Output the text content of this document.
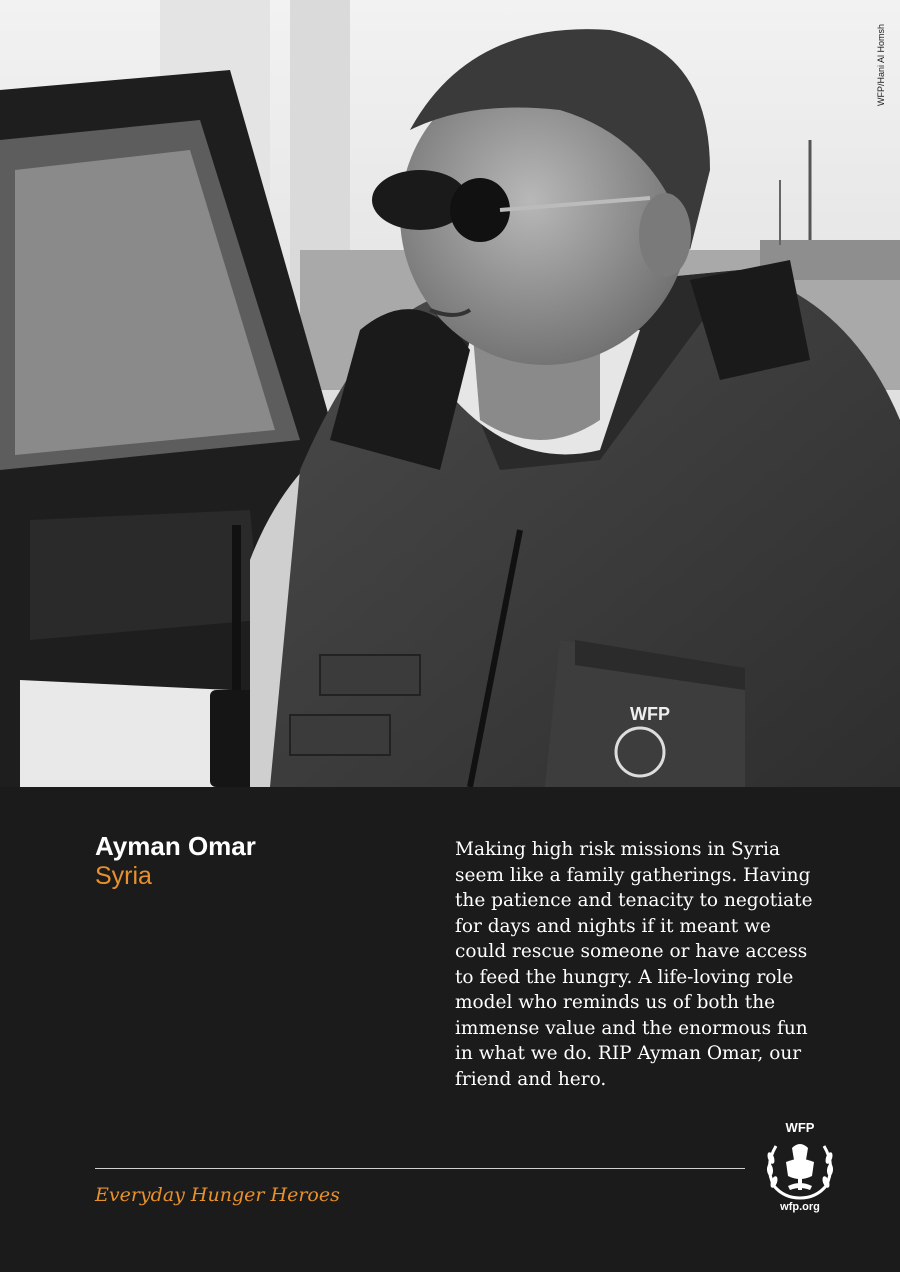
WFP
WFP/Hani Al Homsh
Ayman Omar
Syria

Making high risk missions in Syria seem like a family gatherings. Having the patience and tenacity to negotiate for days and nights if it meant we could rescue someone or have access to feed the hungry. A life-loving role model who reminds us of both the immense value and the enormous fun in what we do. RIP Ayman Omar, our friend and hero.

Everyday Hunger Heroes
WFP
wfp.org
